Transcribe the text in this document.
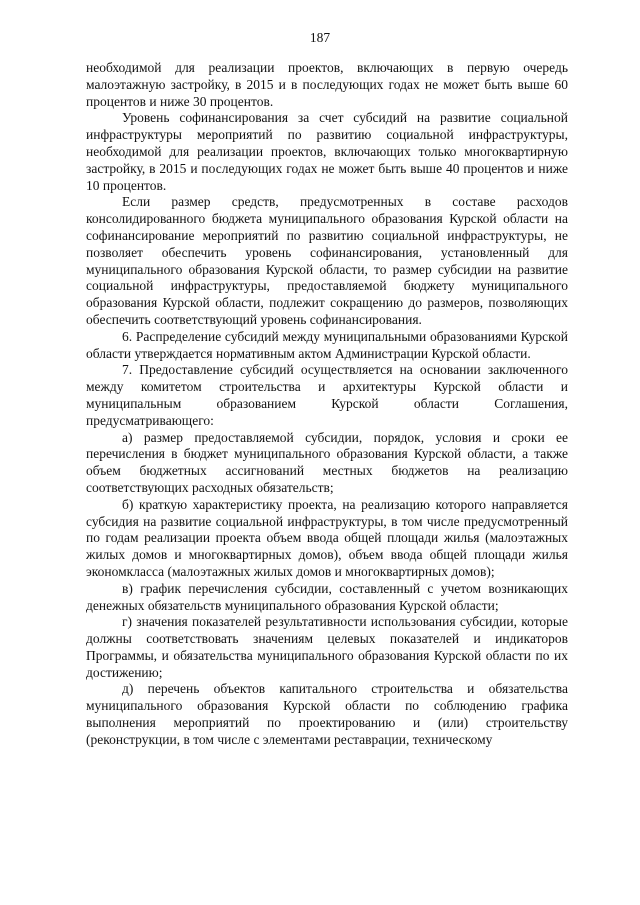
187

необходимой для реализации проектов, включающих в первую очередь малоэтажную застройку, в 2015 и в последующих годах не может быть выше 60 процентов и ниже 30 процентов.

Уровень софинансирования за счет субсидий на развитие социальной инфраструктуры мероприятий по развитию социальной инфраструктуры, необходимой для реализации проектов, включающих только многоквартирную застройку, в 2015 и последующих годах не может быть выше 40 процентов и ниже 10 процентов.

Если размер средств, предусмотренных в составе расходов консолидированного бюджета муниципального образования Курской области на софинансирование мероприятий по развитию социальной инфраструктуры, не позволяет обеспечить уровень софинансирования, установленный для муниципального образования Курской области, то размер субсидии на развитие социальной инфраструктуры, предоставляемой бюджету муниципального образования Курской области, подлежит сокращению до размеров, позволяющих обеспечить соответствующий уровень софинансирования.

6. Распределение субсидий между муниципальными образованиями Курской области утверждается нормативным актом Администрации Курской области.

7. Предоставление субсидий осуществляется на основании заключенного между комитетом строительства и архитектуры Курской области и муниципальным образованием Курской области Соглашения, предусматривающего:

а) размер предоставляемой субсидии, порядок, условия и сроки ее перечисления в бюджет муниципального образования Курской области, а также объем бюджетных ассигнований местных бюджетов на реализацию соответствующих расходных обязательств;

б) краткую характеристику проекта, на реализацию которого направляется субсидия на развитие социальной инфраструктуры, в том числе предусмотренный по годам реализации проекта объем ввода общей площади жилья (малоэтажных жилых домов и многоквартирных домов), объем ввода общей площади жилья экономкласса (малоэтажных жилых домов и многоквартирных домов);

в) график перечисления субсидии, составленный с учетом возникающих денежных обязательств муниципального образования Курской области;

г) значения показателей результативности использования субсидии, которые должны соответствовать значениям целевых показателей и индикаторов Программы, и обязательства муниципального образования Курской области по их достижению;

д) перечень объектов капитального строительства и обязательства муниципального образования Курской области по соблюдению графика выполнения мероприятий по проектированию и (или) строительству (реконструкции, в том числе с элементами реставрации, техническому
